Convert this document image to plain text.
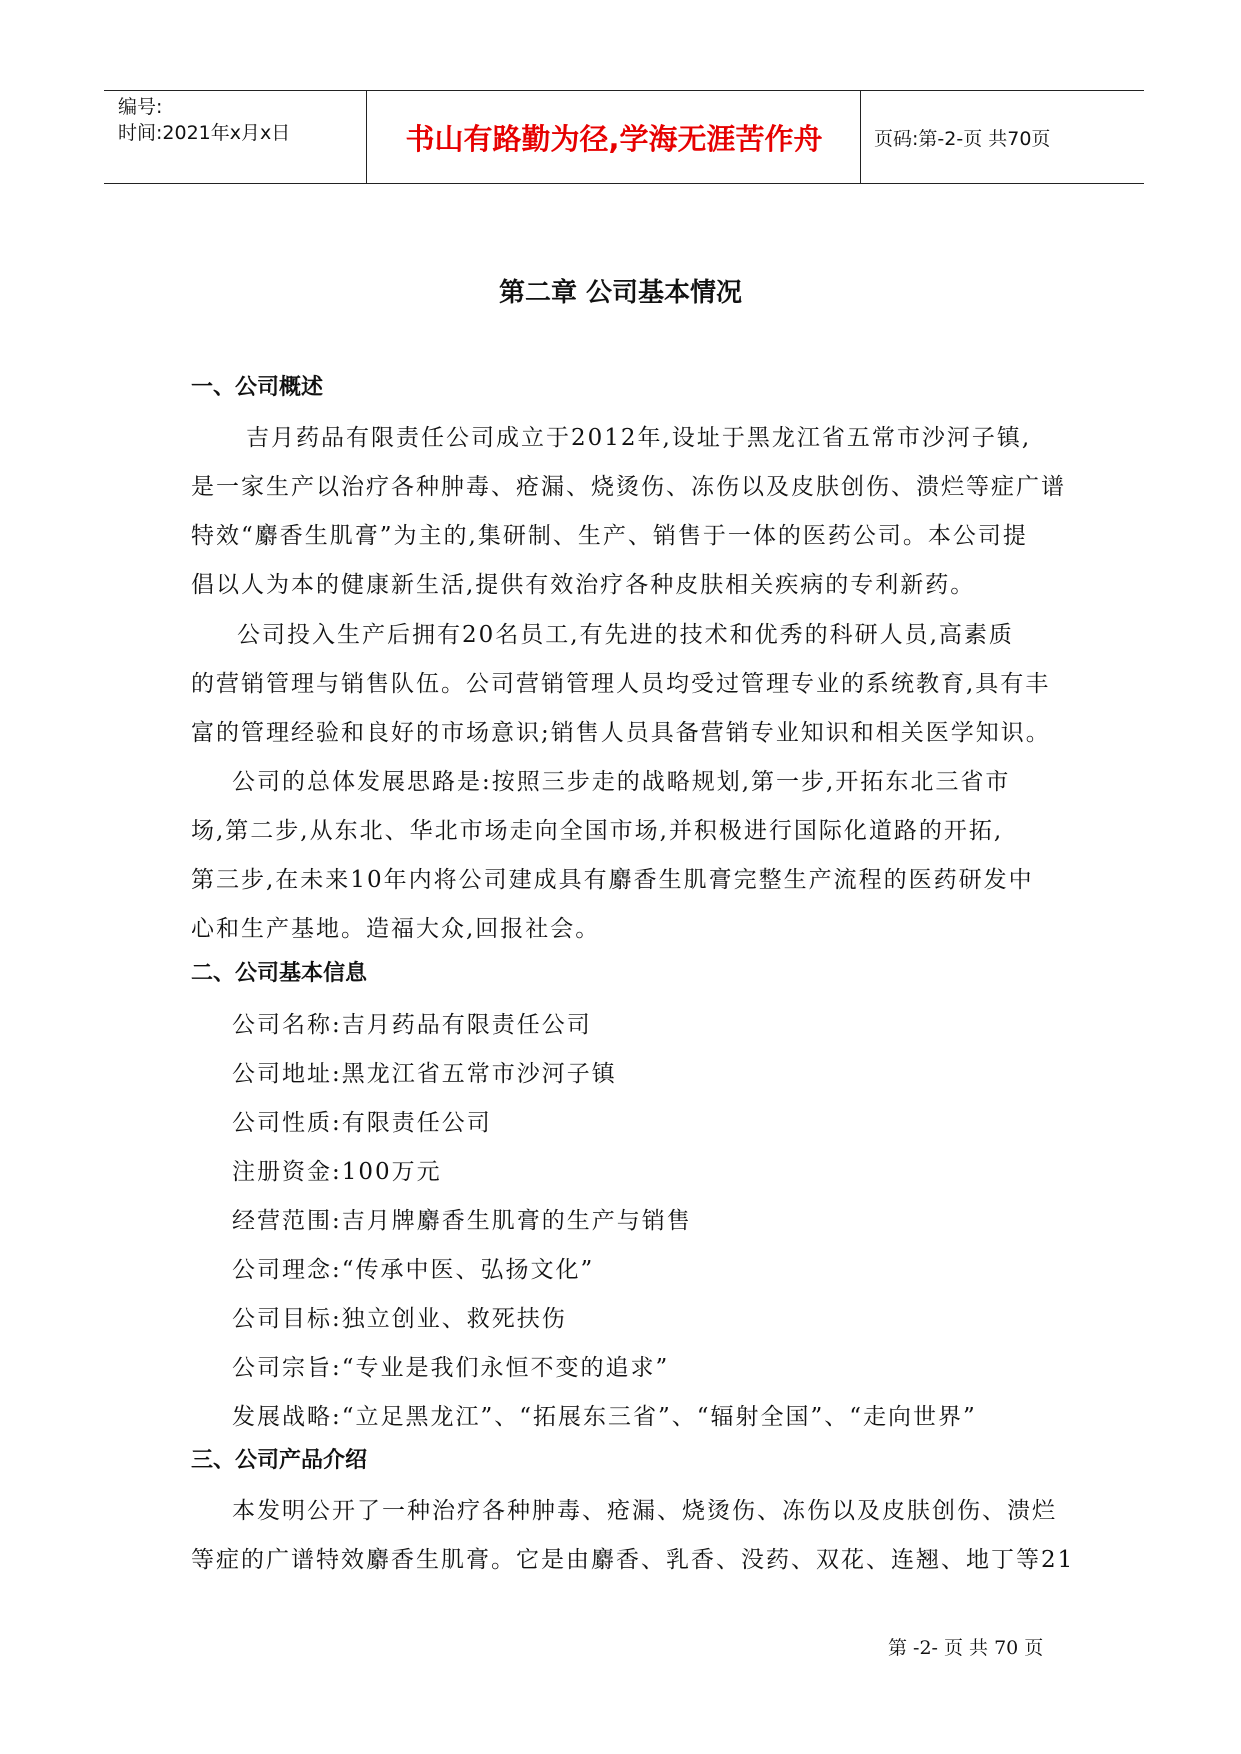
编号:
时间:2021年x月x日	书山有路勤为径,学海无涯苦作舟	页码:第-2-页 共70页
第二章 公司基本情况
一、公司概述
吉月药品有限责任公司成立于2012年,设址于黑龙江省五常市沙河子镇,
是一家生产以治疗各种肿毒、疮漏、烧烫伤、冻伤以及皮肤创伤、溃烂等症广谱
特效“麝香生肌膏”为主的,集研制、生产、销售于一体的医药公司。本公司提
倡以人为本的健康新生活,提供有效治疗各种皮肤相关疾病的专利新药。
公司投入生产后拥有20名员工,有先进的技术和优秀的科研人员,高素质
的营销管理与销售队伍。公司营销管理人员均受过管理专业的系统教育,具有丰
富的管理经验和良好的市场意识;销售人员具备营销专业知识和相关医学知识。
公司的总体发展思路是:按照三步走的战略规划,第一步,开拓东北三省市
场,第二步,从东北、华北市场走向全国市场,并积极进行国际化道路的开拓,
第三步,在未来10年内将公司建成具有麝香生肌膏完整生产流程的医药研发中
心和生产基地。造福大众,回报社会。
二、公司基本信息
公司名称:吉月药品有限责任公司
公司地址:黑龙江省五常市沙河子镇
公司性质:有限责任公司
注册资金:100万元
经营范围:吉月牌麝香生肌膏的生产与销售
公司理念:“传承中医、弘扬文化”
公司目标:独立创业、救死扶伤
公司宗旨:“专业是我们永恒不变的追求”
发展战略:“立足黑龙江”、“拓展东三省”、“辐射全国”、“走向世界”
三、公司产品介绍
本发明公开了一种治疗各种肿毒、疮漏、烧烫伤、冻伤以及皮肤创伤、溃烂
等症的广谱特效麝香生肌膏。它是由麝香、乳香、没药、双花、连翘、地丁等21
第 -2- 页 共 70 页
